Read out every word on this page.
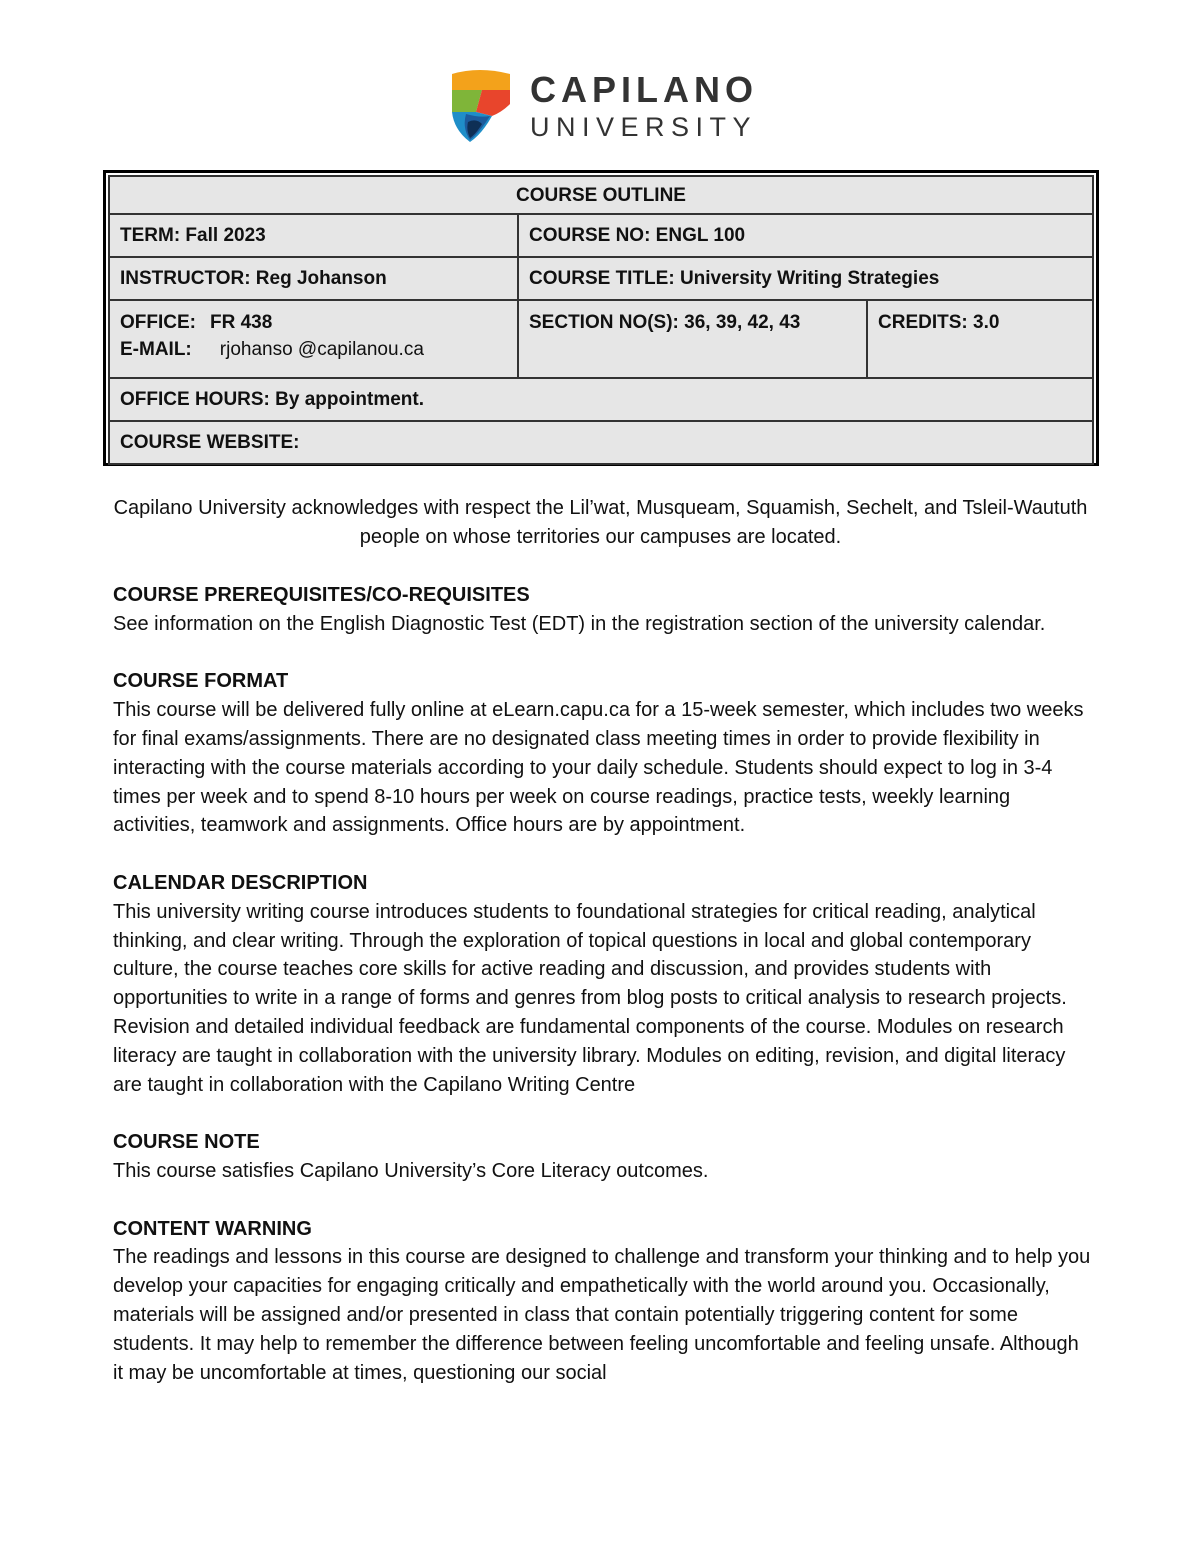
CAPILANO
UNIVERSITY
COURSE OUTLINE		
TERM: Fall 2023	COURSE NO: ENGL 100	
INSTRUCTOR: Reg Johanson	COURSE TITLE: University Writing Strategies	

OFFICE: FR 438
E-MAIL: rjohanso @capilanou.ca	SECTION NO(S): 36, 39, 42, 43	CREDITS: 3.0
OFFICE HOURS: By appointment.		
COURSE WEBSITE:		
Capilano University acknowledges with respect the Lil’wat, Musqueam, Squamish, Sechelt, and Tsleil-Waututh people on whose territories our campuses are located.
COURSE PREREQUISITES/CO-REQUISITES

See information on the English Diagnostic Test (EDT) in the registration section of the university calendar.

COURSE FORMAT

This course will be delivered fully online at eLearn.capu.ca for a 15-week semester, which includes two weeks for final exams/assignments. There are no designated class meeting times in order to provide flexibility in interacting with the course materials according to your daily schedule. Students should expect to log in 3-4 times per week and to spend 8-10 hours per week on course readings, practice tests, weekly learning activities, teamwork and assignments. Office hours are by appointment.

CALENDAR DESCRIPTION

This university writing course introduces students to foundational strategies for critical reading, analytical thinking, and clear writing. Through the exploration of topical questions in local and global contemporary culture, the course teaches core skills for active reading and discussion, and provides students with opportunities to write in a range of forms and genres from blog posts to critical analysis to research projects. Revision and detailed individual feedback are fundamental components of the course. Modules on research literacy are taught in collaboration with the university library. Modules on editing, revision, and digital literacy are taught in collaboration with the Capilano Writing Centre

COURSE NOTE

This course satisfies Capilano University’s Core Literacy outcomes.

CONTENT WARNING

The readings and lessons in this course are designed to challenge and transform your thinking and to help you develop your capacities for engaging critically and empathetically with the world around you. Occasionally, materials will be assigned and/or presented in class that contain potentially triggering content for some students. It may help to remember the difference between feeling uncomfortable and feeling unsafe. Although it may be uncomfortable at times, questioning our social
